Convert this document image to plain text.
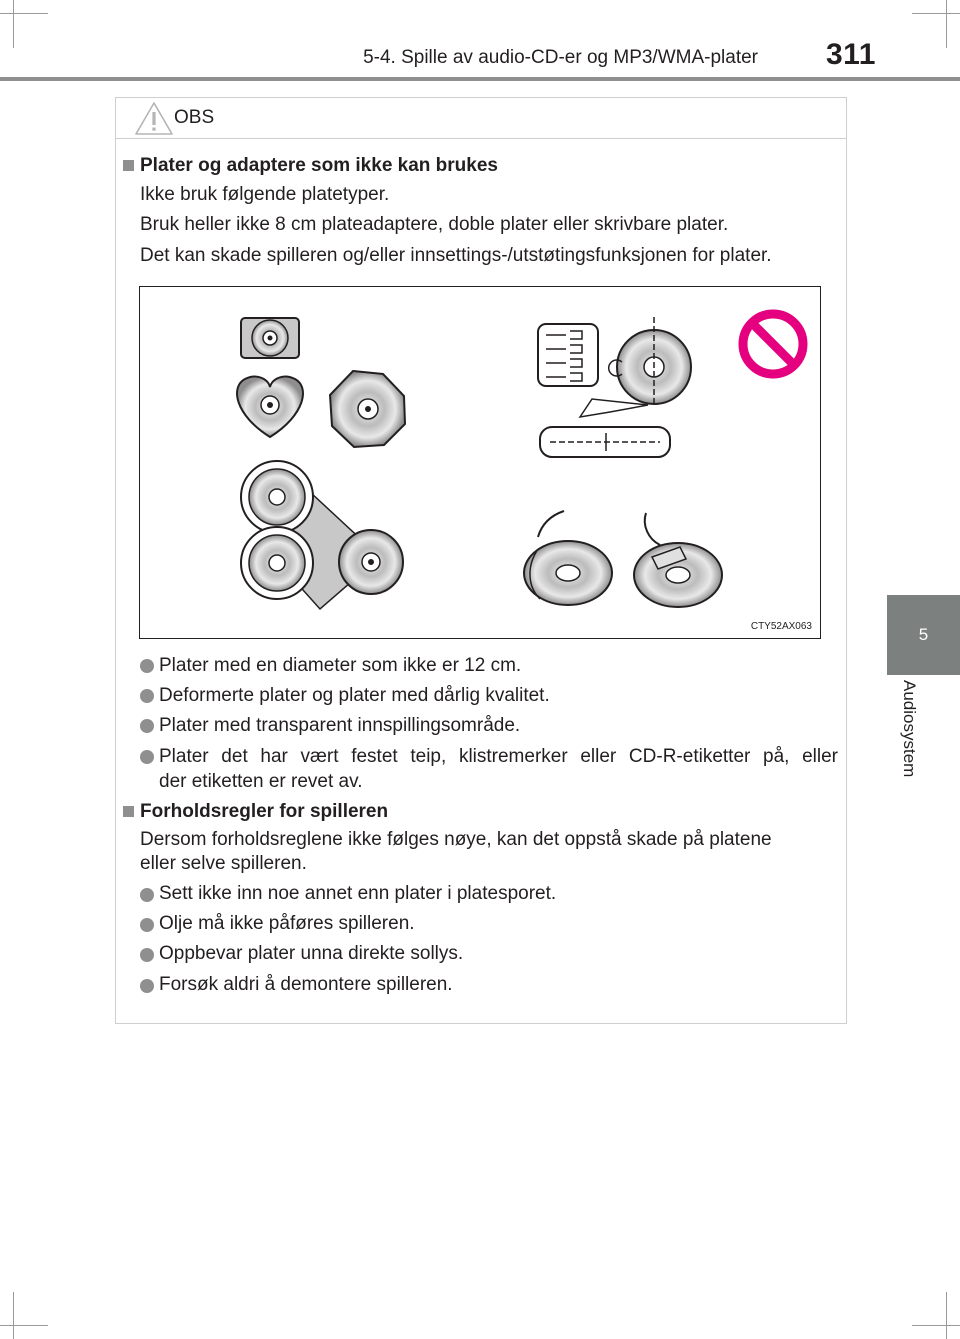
5-4. Spille av audio-CD-er og MP3/WMA-plater 311
5
Audiosystem
OBS
Plater og adaptere som ikke kan brukes
Ikke bruk følgende platetyper.
Bruk heller ikke 8 cm plateadaptere, doble plater eller skrivbare plater.
Det kan skade spilleren og/eller innsettings-/utstøtingsfunksjonen for plater.
CTY52AX063
Plater med en diameter som ikke er 12 cm.
Deformerte plater og plater med dårlig kvalitet.
Plater med transparent innspillingsområde.
Plater det har vært festet teip, klistremerker eller CD-R-etiketter på, eller
der etiketten er revet av.
Forholdsregler for spilleren
Dersom forholdsreglene ikke følges nøye, kan det oppstå skade på platene
eller selve spilleren.
Sett ikke inn noe annet enn plater i platesporet.
Olje må ikke påføres spilleren.
Oppbevar plater unna direkte sollys.
Forsøk aldri å demontere spilleren.
